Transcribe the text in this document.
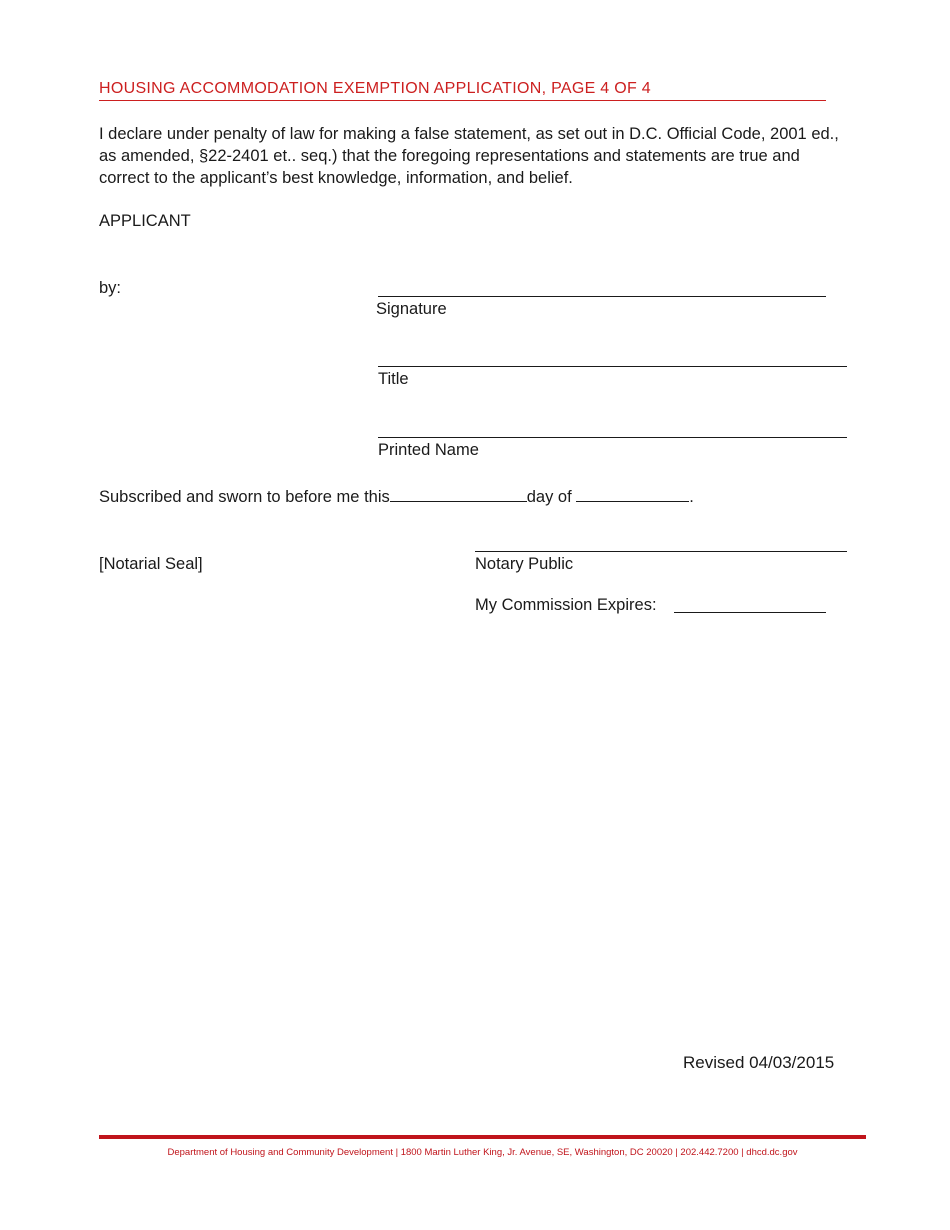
HOUSING ACCOMMODATION EXEMPTION APPLICATION, PAGE 4 OF 4
I declare under penalty of law for making a false statement, as set out in D.C. Official Code, 2001 ed., as amended, §22-2401 et.. seq.) that the foregoing representations and statements are true and correct to the applicant’s best knowledge, information, and belief.
APPLICANT
by:
Signature
Title
Printed Name
Subscribed and sworn to before me this	day of	.
[Notarial Seal]	Notary Public
My Commission Expires:
Revised 04/03/2015
Department of Housing and Community Development | 1800 Martin Luther King, Jr. Avenue, SE, Washington, DC 20020 | 202.442.7200 | dhcd.dc.gov
